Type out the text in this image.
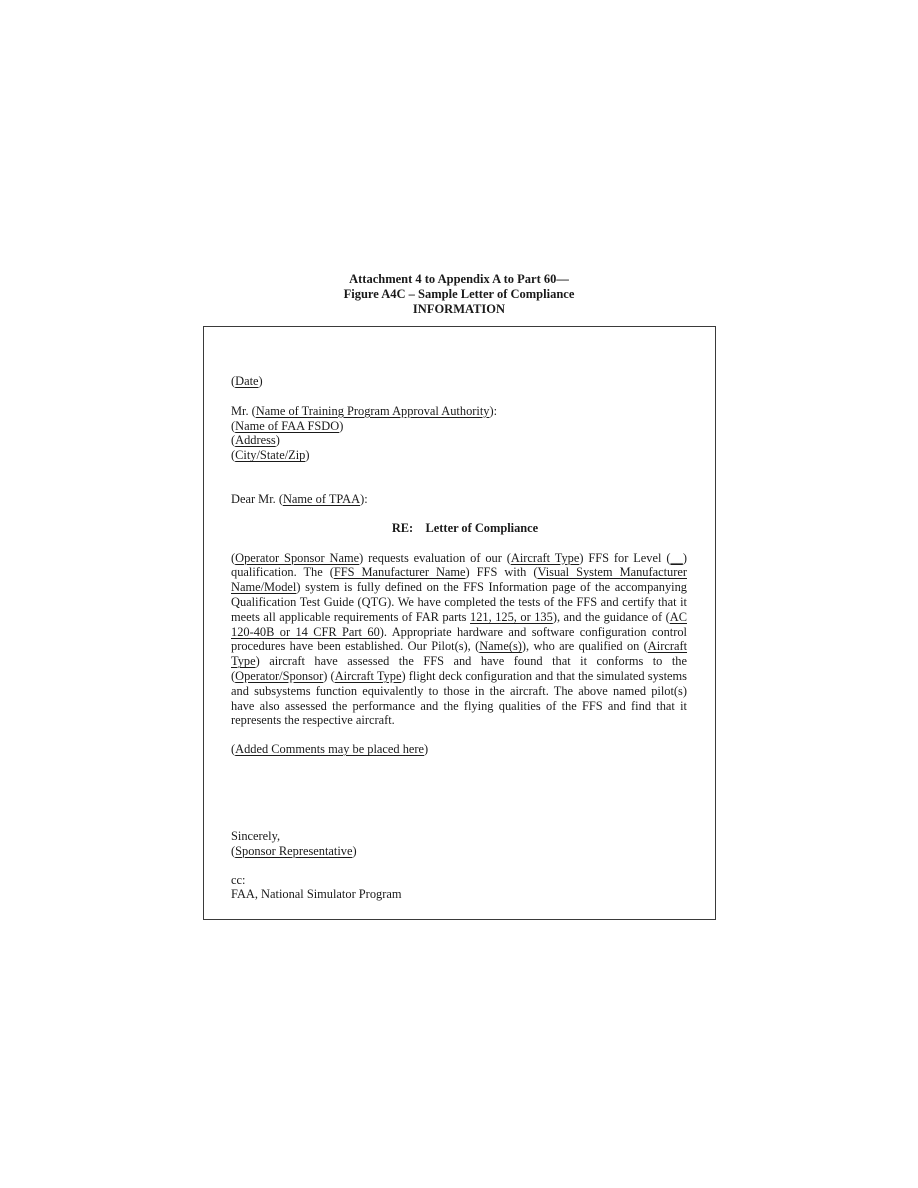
Attachment 4 to Appendix A to Part 60—
Figure A4C – Sample Letter of Compliance
INFORMATION

(Date)

Mr. (Name of Training Program Approval Authority):

(Name of FAA FSDO)

(Address)

(City/State/Zip)

Dear Mr. (Name of TPAA):

RE: Letter of Compliance

(Operator Sponsor Name) requests evaluation of our (Aircraft Type) FFS for Level (__) qualification. The (FFS Manufacturer Name) FFS with (Visual System Manufacturer Name/Model) system is fully defined on the FFS Information page of the accompanying Qualification Test Guide (QTG). We have completed the tests of the FFS and certify that it meets all applicable requirements of FAR parts 121, 125, or 135), and the guidance of (AC 120-40B or 14 CFR Part 60). Appropriate hardware and software configuration control procedures have been established. Our Pilot(s), (Name(s)), who are qualified on (Aircraft Type) aircraft have assessed the FFS and have found that it conforms to the (Operator/Sponsor) (Aircraft Type) flight deck configuration and that the simulated systems and subsystems function equivalently to those in the aircraft. The above named pilot(s) have also assessed the performance and the flying qualities of the FFS and find that it represents the respective aircraft.

(Added Comments may be placed here)

Sincerely,

(Sponsor Representative)

cc:

FAA, National Simulator Program
